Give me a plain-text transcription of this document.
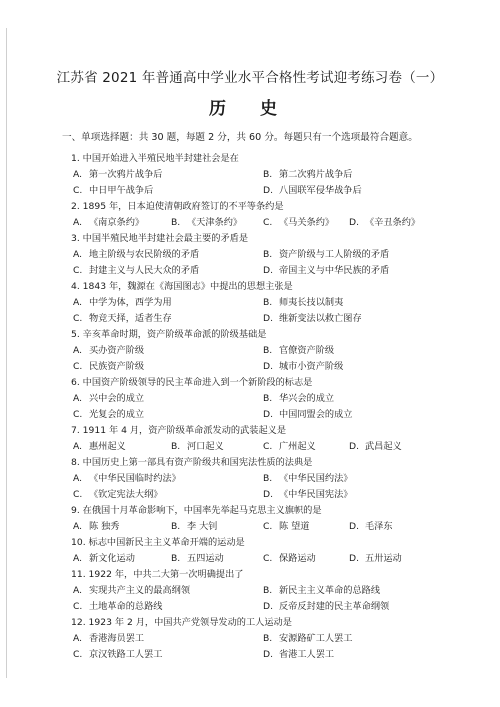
江苏省 2021 年普通高中学业水平合格性考试迎考练习卷（一）
历 史
一、单项选择题：共 30 题，每题 2 分，共 60 分。每题只有一个选项最符合题意。
1. 中国开始进入半殖民地半封建社会是在
A. 第一次鸦片战争后	B. 第二次鸦片战争后
C. 中日甲午战争后	D. 八国联军侵华战争后
2. 1895 年，日本迫使清朝政府签订的不平等条约是
A. 《南京条约》	B. 《天津条约》 C. 《马关条约》 D. 《辛丑条约》
3. 中国半殖民地半封建社会最主要的矛盾是
A. 地主阶级与农民阶级的矛盾	B. 资产阶级与工人阶级的矛盾
C. 封建主义与人民大众的矛盾	D. 帝国主义与中华民族的矛盾
4. 1843 年，魏源在《海国图志》中提出的思想主张是
A. 中学为体，西学为用	B. 师夷长技以制夷
C. 物竞天择，适者生存	D. 维新变法以救亡图存
5. 辛亥革命时期，资产阶级革命派的阶级基础是
A. 买办资产阶级	B. 官僚资产阶级
C. 民族资产阶级	D. 城市小资产阶级
6. 中国资产阶级领导的民主革命进入到一个新阶段的标志是
A. 兴中会的成立	B. 华兴会的成立
C. 光复会的成立	D. 中国同盟会的成立
7. 1911 年 4 月，资产阶级革命派发动的武装起义是
A. 惠州起义	B. 河口起义	C. 广州起义	D. 武昌起义
8. 中国历史上第一部具有资产阶级共和国宪法性质的法典是
A. 《中华民国临时约法》	B. 《中华民国约法》
C. 《钦定宪法大纲》	D. 《中华民国宪法》
9. 在俄国十月革命影响下，中国率先举起马克思主义旗帜的是
A. 陈 独秀	B. 李 大钊	C. 陈 望道	D. 毛泽东
10. 标志中国新民主主义革命开端的运动是
A. 新文化运动	B. 五四运动	C. 保路运动	D. 五卅运动
11. 1922 年，中共二大第一次明确提出了
A. 实现共产主义的最高纲领	B. 新民主主义革命的总路线
C. 土地革命的总路线	D. 反帝反封建的民主革命纲领
12. 1923 年 2 月，中国共产党领导发动的工人运动是
A. 香港海员罢工	B. 安源路矿工人罢工
C. 京汉铁路工人罢工	D. 省港工人罢工
